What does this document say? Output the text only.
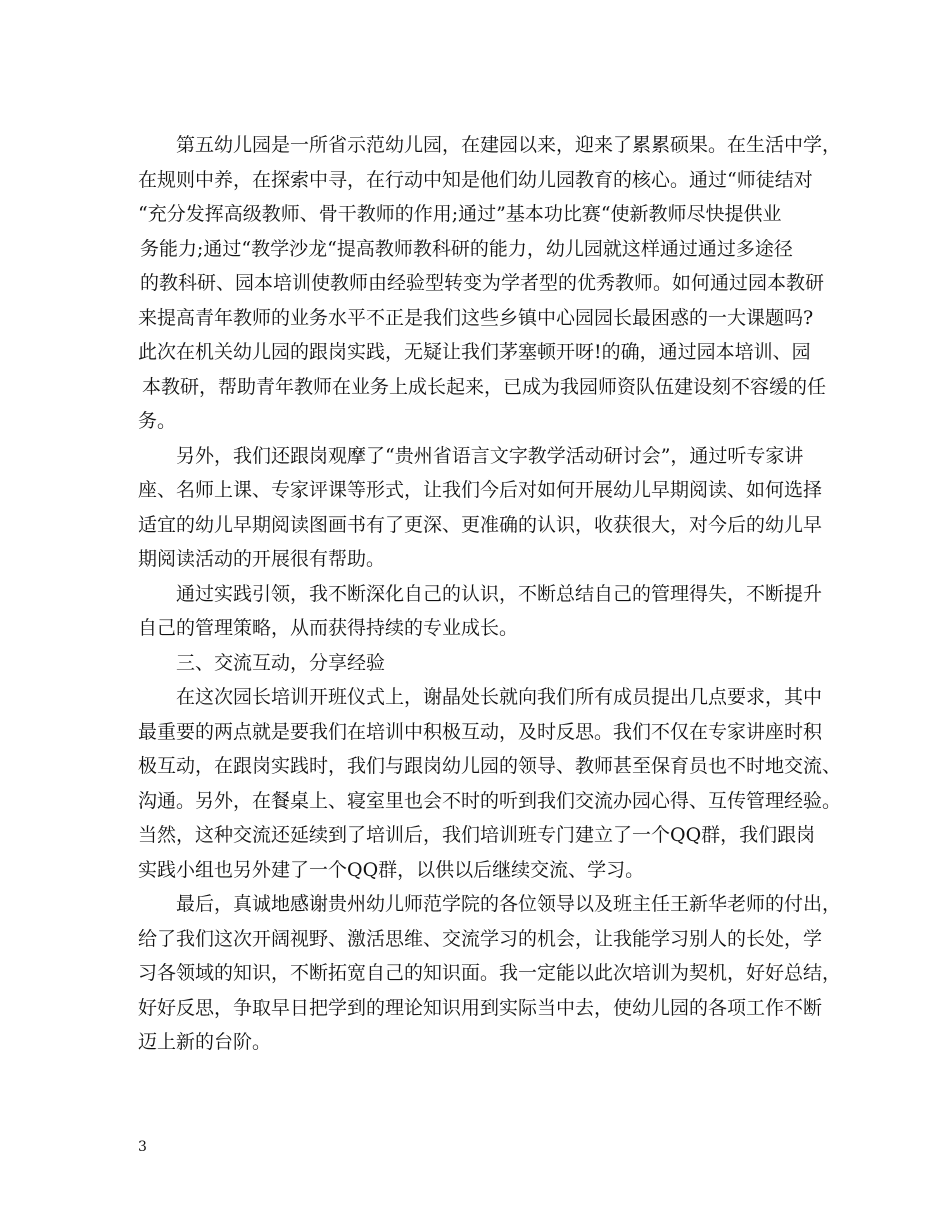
第五幼儿园是一所省示范幼儿园，在建园以来，迎来了累累硕果。在生活中学，
在规则中养，在探索中寻，在行动中知是他们幼儿园教育的核心。通过“师徒结对
“充分发挥高级教师、骨干教师的作用;通过”基本功比赛“使新教师尽快提供业
务能力;通过“教学沙龙“提高教师教科研的能力，幼儿园就这样通过通过多途径
的教科研、园本培训使教师由经验型转变为学者型的优秀教师。如何通过园本教研
来提高青年教师的业务水平不正是我们这些乡镇中心园园长最困惑的一大课题吗?
此次在机关幼儿园的跟岗实践，无疑让我们茅塞顿开呀!的确，通过园本培训、园
本教研，帮助青年教师在业务上成长起来，已成为我园师资队伍建设刻不容缓的任
务。
另外，我们还跟岗观摩了“贵州省语言文字教学活动研讨会”，通过听专家讲
座、名师上课、专家评课等形式，让我们今后对如何开展幼儿早期阅读、如何选择
适宜的幼儿早期阅读图画书有了更深、更准确的认识，收获很大，对今后的幼儿早
期阅读活动的开展很有帮助。
通过实践引领，我不断深化自己的认识，不断总结自己的管理得失，不断提升
自己的管理策略，从而获得持续的专业成长。
三、交流互动，分享经验
在这次园长培训开班仪式上，谢晶处长就向我们所有成员提出几点要求，其中
最重要的两点就是要我们在培训中积极互动，及时反思。我们不仅在专家讲座时积
极互动，在跟岗实践时，我们与跟岗幼儿园的领导、教师甚至保育员也不时地交流、
沟通。另外，在餐桌上、寝室里也会不时的听到我们交流办园心得、互传管理经验。
当然，这种交流还延续到了培训后，我们培训班专门建立了一个QQ群，我们跟岗
实践小组也另外建了一个QQ群，以供以后继续交流、学习。
最后，真诚地感谢贵州幼儿师范学院的各位领导以及班主任王新华老师的付出，
给了我们这次开阔视野、激活思维、交流学习的机会，让我能学习别人的长处，学
习各领域的知识，不断拓宽自己的知识面。我一定能以此次培训为契机，好好总结，
好好反思，争取早日把学到的理论知识用到实际当中去，使幼儿园的各项工作不断
迈上新的台阶。
3
